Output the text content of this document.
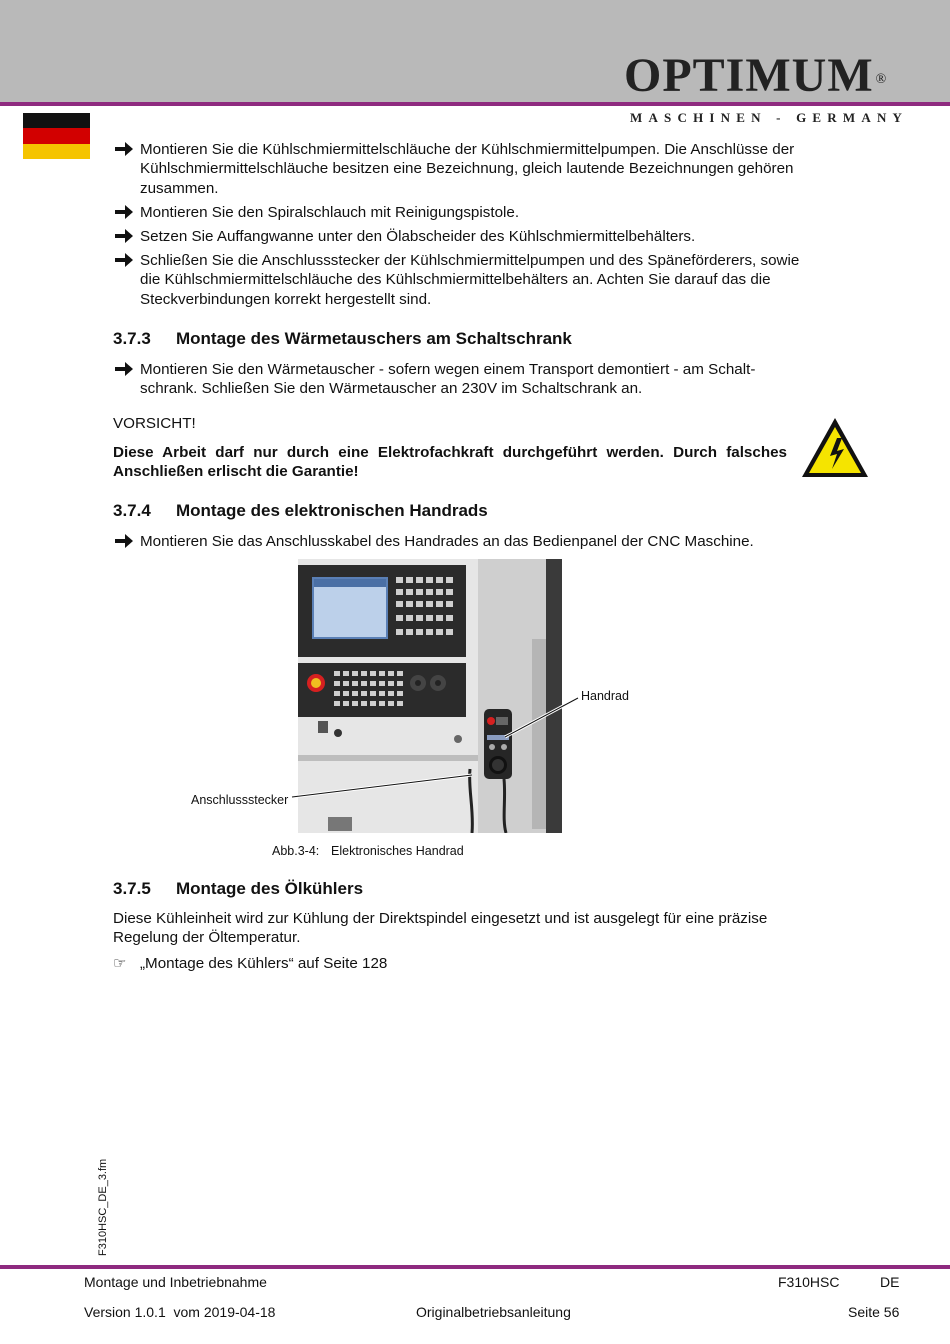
OPTIMUM ®
MASCHINEN - GERMANY
Montieren Sie die Kühlschmiermittelschläuche der Kühlschmiermittelpumpen. Die Anschlüsse der Kühlschmiermittelschläuche besitzen eine Bezeichnung, gleich lautende Bezeichnungen gehören zusammen.
Montieren Sie den Spiralschlauch mit Reinigungspistole.
Setzen Sie Auffangwanne unter den Ölabscheider des Kühlschmiermittelbehälters.
Schließen Sie die Anschlussstecker der Kühlschmiermittelpumpen und des Späneförderers, sowie die Kühlschmiermittelschläuche des Kühlschmiermittelbehälters an. Achten Sie darauf das die Steckverbindungen korrekt hergestellt sind.
3.7.3 Montage des Wärmetauschers am Schaltschrank
Montieren Sie den Wärmetauscher - sofern wegen einem Transport demontiert - am Schaltschrank. Schließen Sie den Wärmetauscher an 230V im Schaltschrank an.
VORSICHT!
Diese Arbeit darf nur durch eine Elektrofachkraft durchgeführt werden. Durch falsches Anschließen erlischt die Garantie!
3.7.4 Montage des elektronischen Handrads
Montieren Sie das Anschlusskabel des Handrades an das Bedienpanel der CNC Maschine.
Handrad
Anschlussstecker
Abb.3-4: Elektronisches Handrad
3.7.5 Montage des Ölkühlers
Diese Kühleinheit wird zur Kühlung der Direktspindel eingesetzt und ist ausgelegt für eine präzise Regelung der Öltemperatur.
☞ „Montage des Kühlers“ auf Seite 128
F310HSC_DE_3.fm
Montage und Inbetriebnahme	F310HSC	DE
Version 1.0.1  vom 2019-04-18	Originalbetriebsanleitung	Seite 56
